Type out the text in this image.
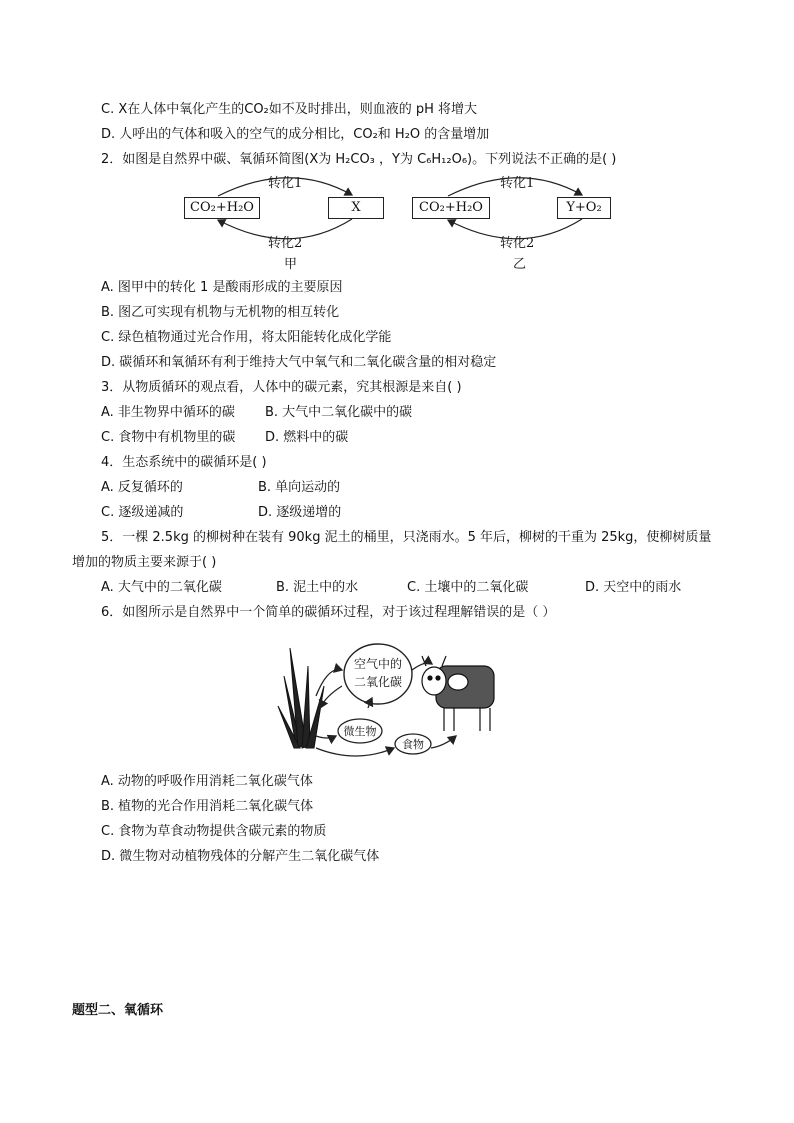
C. X在人体中氧化产生的CO₂如不及时排出，则血液的 pH 将增大
D. 人呼出的气体和吸入的空气的成分相比，CO₂和 H₂O 的含量增加
2．如图是自然界中碳、氧循环简图(X为 H₂CO₃ ，Y为 C₆H₁₂O₆)。下列说法不正确的是( )
CO₂+H₂O	X
转化1
转化2
甲
CO₂+H₂O	Y+O₂
转化1
转化2
乙
A. 图甲中的转化 1 是酸雨形成的主要原因
B. 图乙可实现有机物与无机物的相互转化
C. 绿色植物通过光合作用，将太阳能转化成化学能
D. 碳循环和氧循环有利于维持大气中氧气和二氧化碳含量的相对稳定
3．从物质循环的观点看，人体中的碳元素，究其根源是来自( )
A. 非生物界中循环的碳 B. 大气中二氧化碳中的碳
C. 食物中有机物里的碳 D. 燃料中的碳
4．生态系统中的碳循环是( )
A. 反复循环的	B. 单向运动的
C. 逐级递减的	D. 逐级递增的
5．一棵 2.5kg 的柳树种在装有 90kg 泥土的桶里，只浇雨水。5 年后，柳树的干重为 25kg，使柳树质量
增加的物质主要来源于( )
A. 大气中的二氧化碳	B. 泥土中的水	C. 土壤中的二氧化碳	D. 天空中的雨水
6．如图所示是自然界中一个简单的碳循环过程，对于该过程理解错误的是（ ）
空气中的
二氧化碳
微生物
食物
A. 动物的呼吸作用消耗二氧化碳气体
B. 植物的光合作用消耗二氧化碳气体
C. 食物为草食动物提供含碳元素的物质
D. 微生物对动植物残体的分解产生二氧化碳气体
题型二、氧循环
